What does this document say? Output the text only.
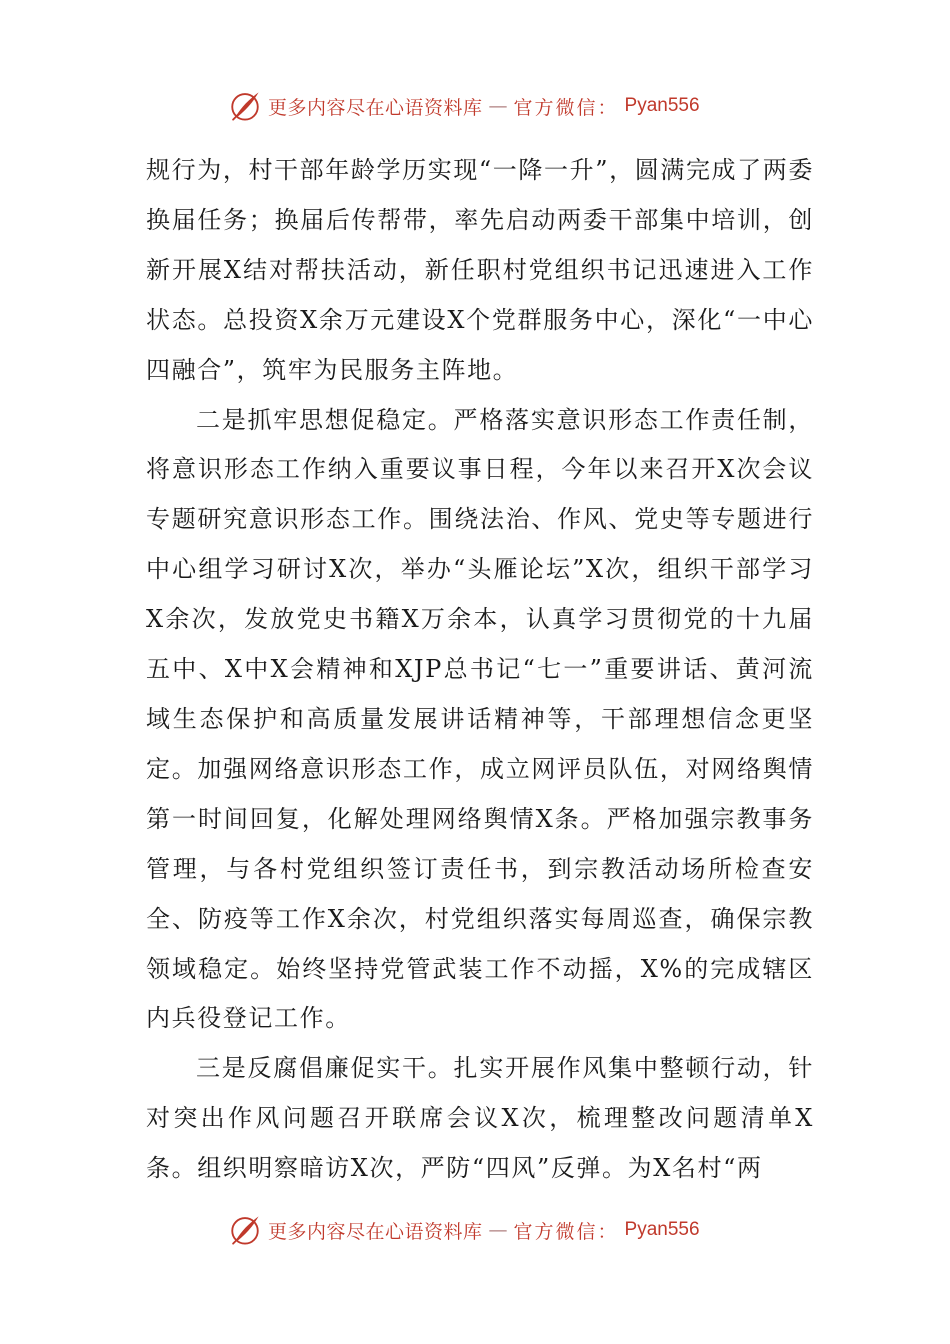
更多内容尽在心语资料库 — 官方微信： Pyan556

规行为，村干部年龄学历实现“一降一升”，圆满完成了两委换届任务；换届后传帮带，率先启动两委干部集中培训，创新开展X结对帮扶活动，新任职村党组织书记迅速进入工作状态。总投资X余万元建设X个党群服务中心，深化“一中心四融合”，筑牢为民服务主阵地。

二是抓牢思想促稳定。严格落实意识形态工作责任制，将意识形态工作纳入重要议事日程，今年以来召开X次会议专题研究意识形态工作。围绕法治、作风、党史等专题进行中心组学习研讨X次，举办“头雁论坛”X次，组织干部学习X余次，发放党史书籍X万余本，认真学习贯彻党的十九届五中、X中X会精神和XJP总书记“七一”重要讲话、黄河流域生态保护和高质量发展讲话精神等，干部理想信念更坚定。加强网络意识形态工作，成立网评员队伍，对网络舆情第一时间回复，化解处理网络舆情X条。严格加强宗教事务管理，与各村党组织签订责任书，到宗教活动场所检查安全、防疫等工作X余次，村党组织落实每周巡查，确保宗教领域稳定。始终坚持党管武装工作不动摇，X%的完成辖区内兵役登记工作。

三是反腐倡廉促实干。扎实开展作风集中整顿行动，针对突出作风问题召开联席会议X次，梳理整改问题清单X条。组织明察暗访X次，严防“四风”反弹。为X名村“两

更多内容尽在心语资料库 — 官方微信： Pyan556
